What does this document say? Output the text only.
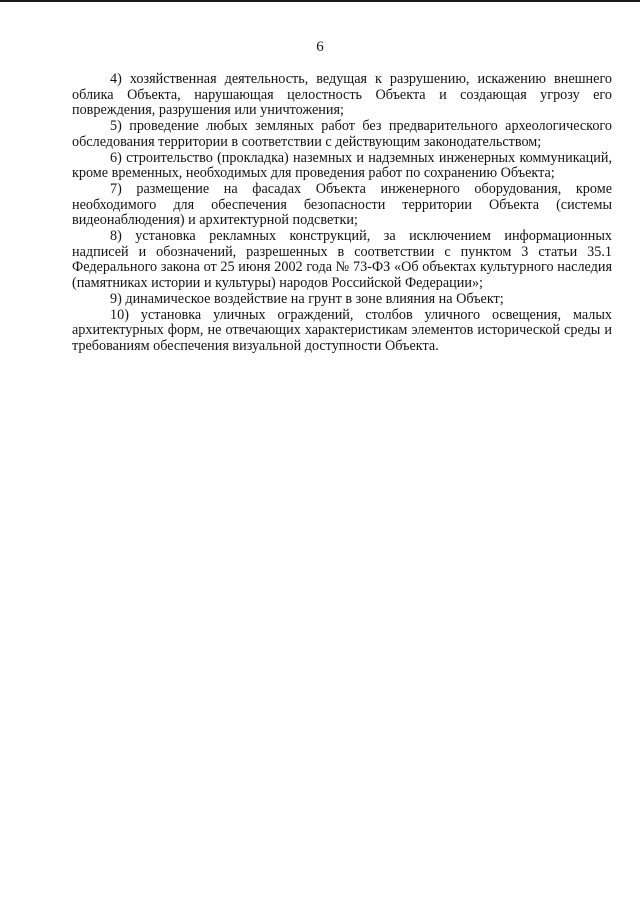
6

4) хозяйственная деятельность, ведущая к разрушению, искажению внешнего облика Объекта, нарушающая целостность Объекта и создающая угрозу его повреждения, разрушения или уничтожения;

5) проведение любых земляных работ без предварительного археологического обследования территории в соответствии с действующим законодательством;

6) строительство (прокладка) наземных и надземных инженерных коммуникаций, кроме временных, необходимых для проведения работ по сохранению Объекта;

7) размещение на фасадах Объекта инженерного оборудования, кроме необходимого для обеспечения безопасности территории Объекта (системы видеонаблюдения) и архитектурной подсветки;

8) установка рекламных конструкций, за исключением информационных надписей и обозначений, разрешенных в соответствии с пунктом 3 статьи 35.1 Федерального закона от 25 июня 2002 года № 73-ФЗ «Об объектах культурного наследия (памятниках истории и культуры) народов Российской Федерации»;

9) динамическое воздействие на грунт в зоне влияния на Объект;

10) установка уличных ограждений, столбов уличного освещения, малых архитектурных форм, не отвечающих характеристикам элементов исторической среды и требованиям обеспечения визуальной доступности Объекта.
